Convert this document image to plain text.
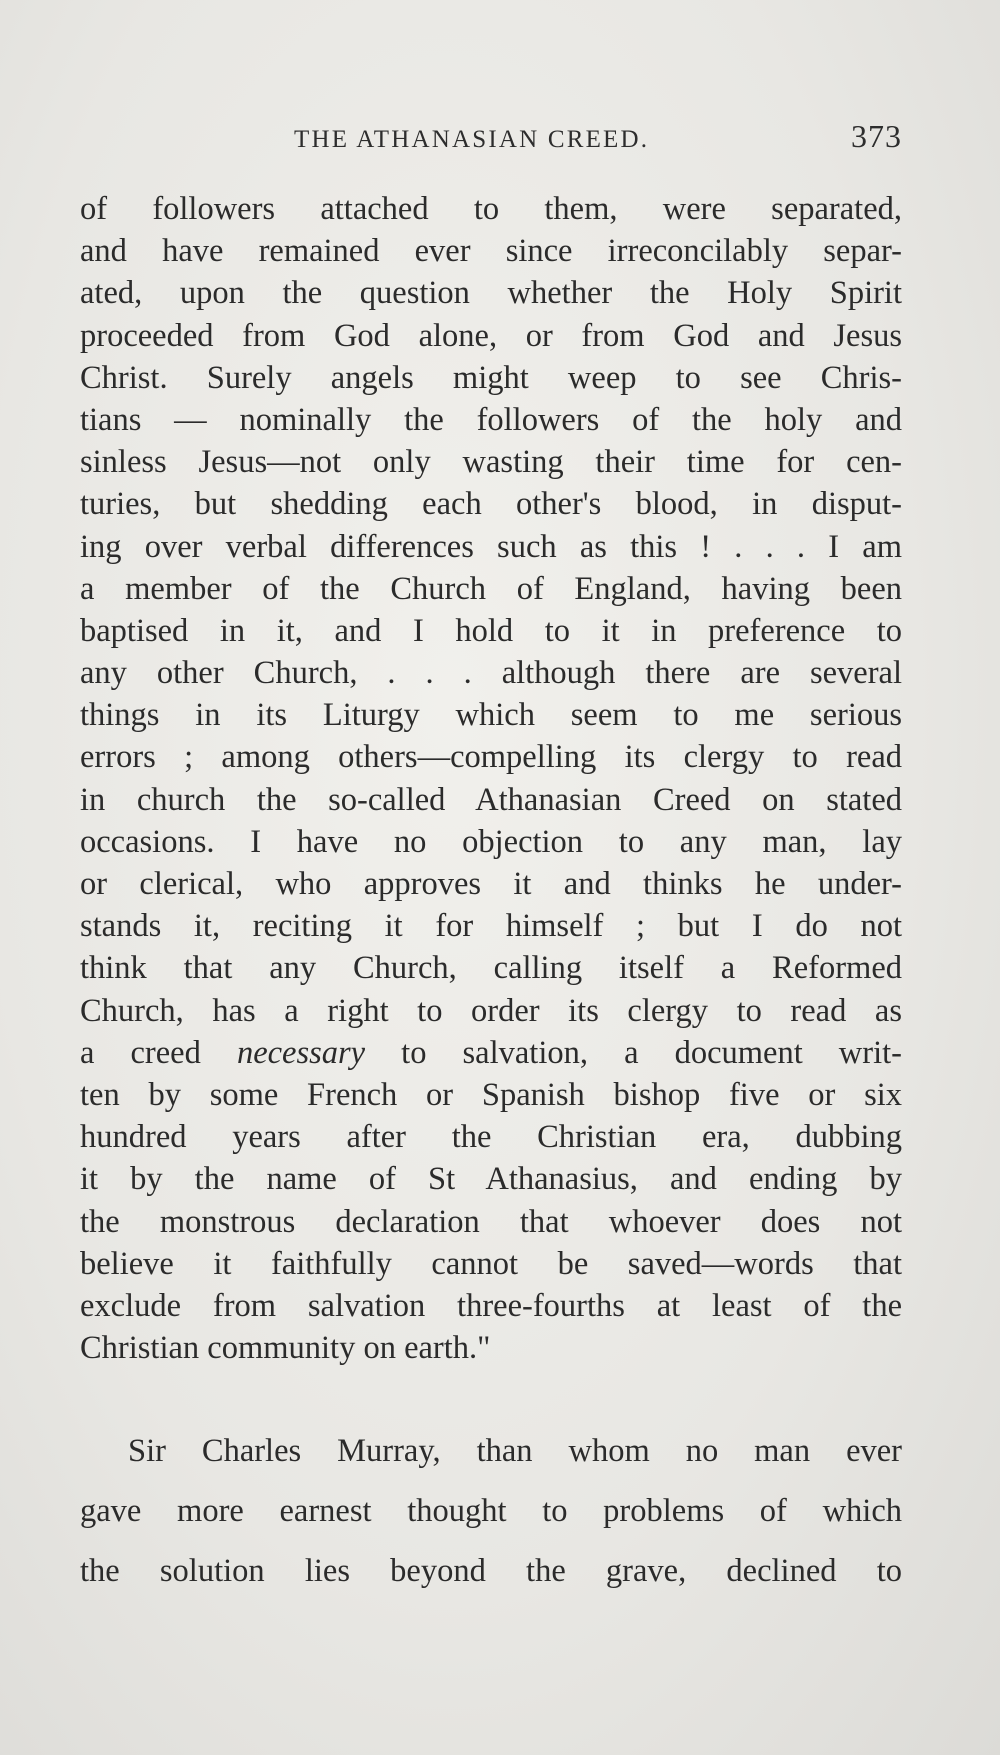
THE ATHANASIAN CREED.	373
of followers attached to them, were separated,
and have remained ever since irreconcilably separ-
ated, upon the question whether the Holy Spirit
proceeded from God alone, or from God and Jesus
Christ. Surely angels might weep to see Chris-
tians — nominally the followers of the holy and
sinless Jesus—not only wasting their time for cen-
turies, but shedding each other's blood, in disput-
ing over verbal differences such as this ! . . . I am
a member of the Church of England, having been
baptised in it, and I hold to it in preference to
any other Church, . . . although there are several
things in its Liturgy which seem to me serious
errors ; among others—compelling its clergy to read
in church the so-called Athanasian Creed on stated
occasions. I have no objection to any man, lay
or clerical, who approves it and thinks he under-
stands it, reciting it for himself ; but I do not
think that any Church, calling itself a Reformed
Church, has a right to order its clergy to read as
a creed necessary to salvation, a document writ-
ten by some French or Spanish bishop five or six
hundred years after the Christian era, dubbing
it by the name of St Athanasius, and ending by
the monstrous declaration that whoever does not
believe it faithfully cannot be saved—words that
exclude from salvation three-fourths at least of the
Christian community on earth."
Sir Charles Murray, than whom no man ever
gave more earnest thought to problems of which
the solution lies beyond the grave, declined to
